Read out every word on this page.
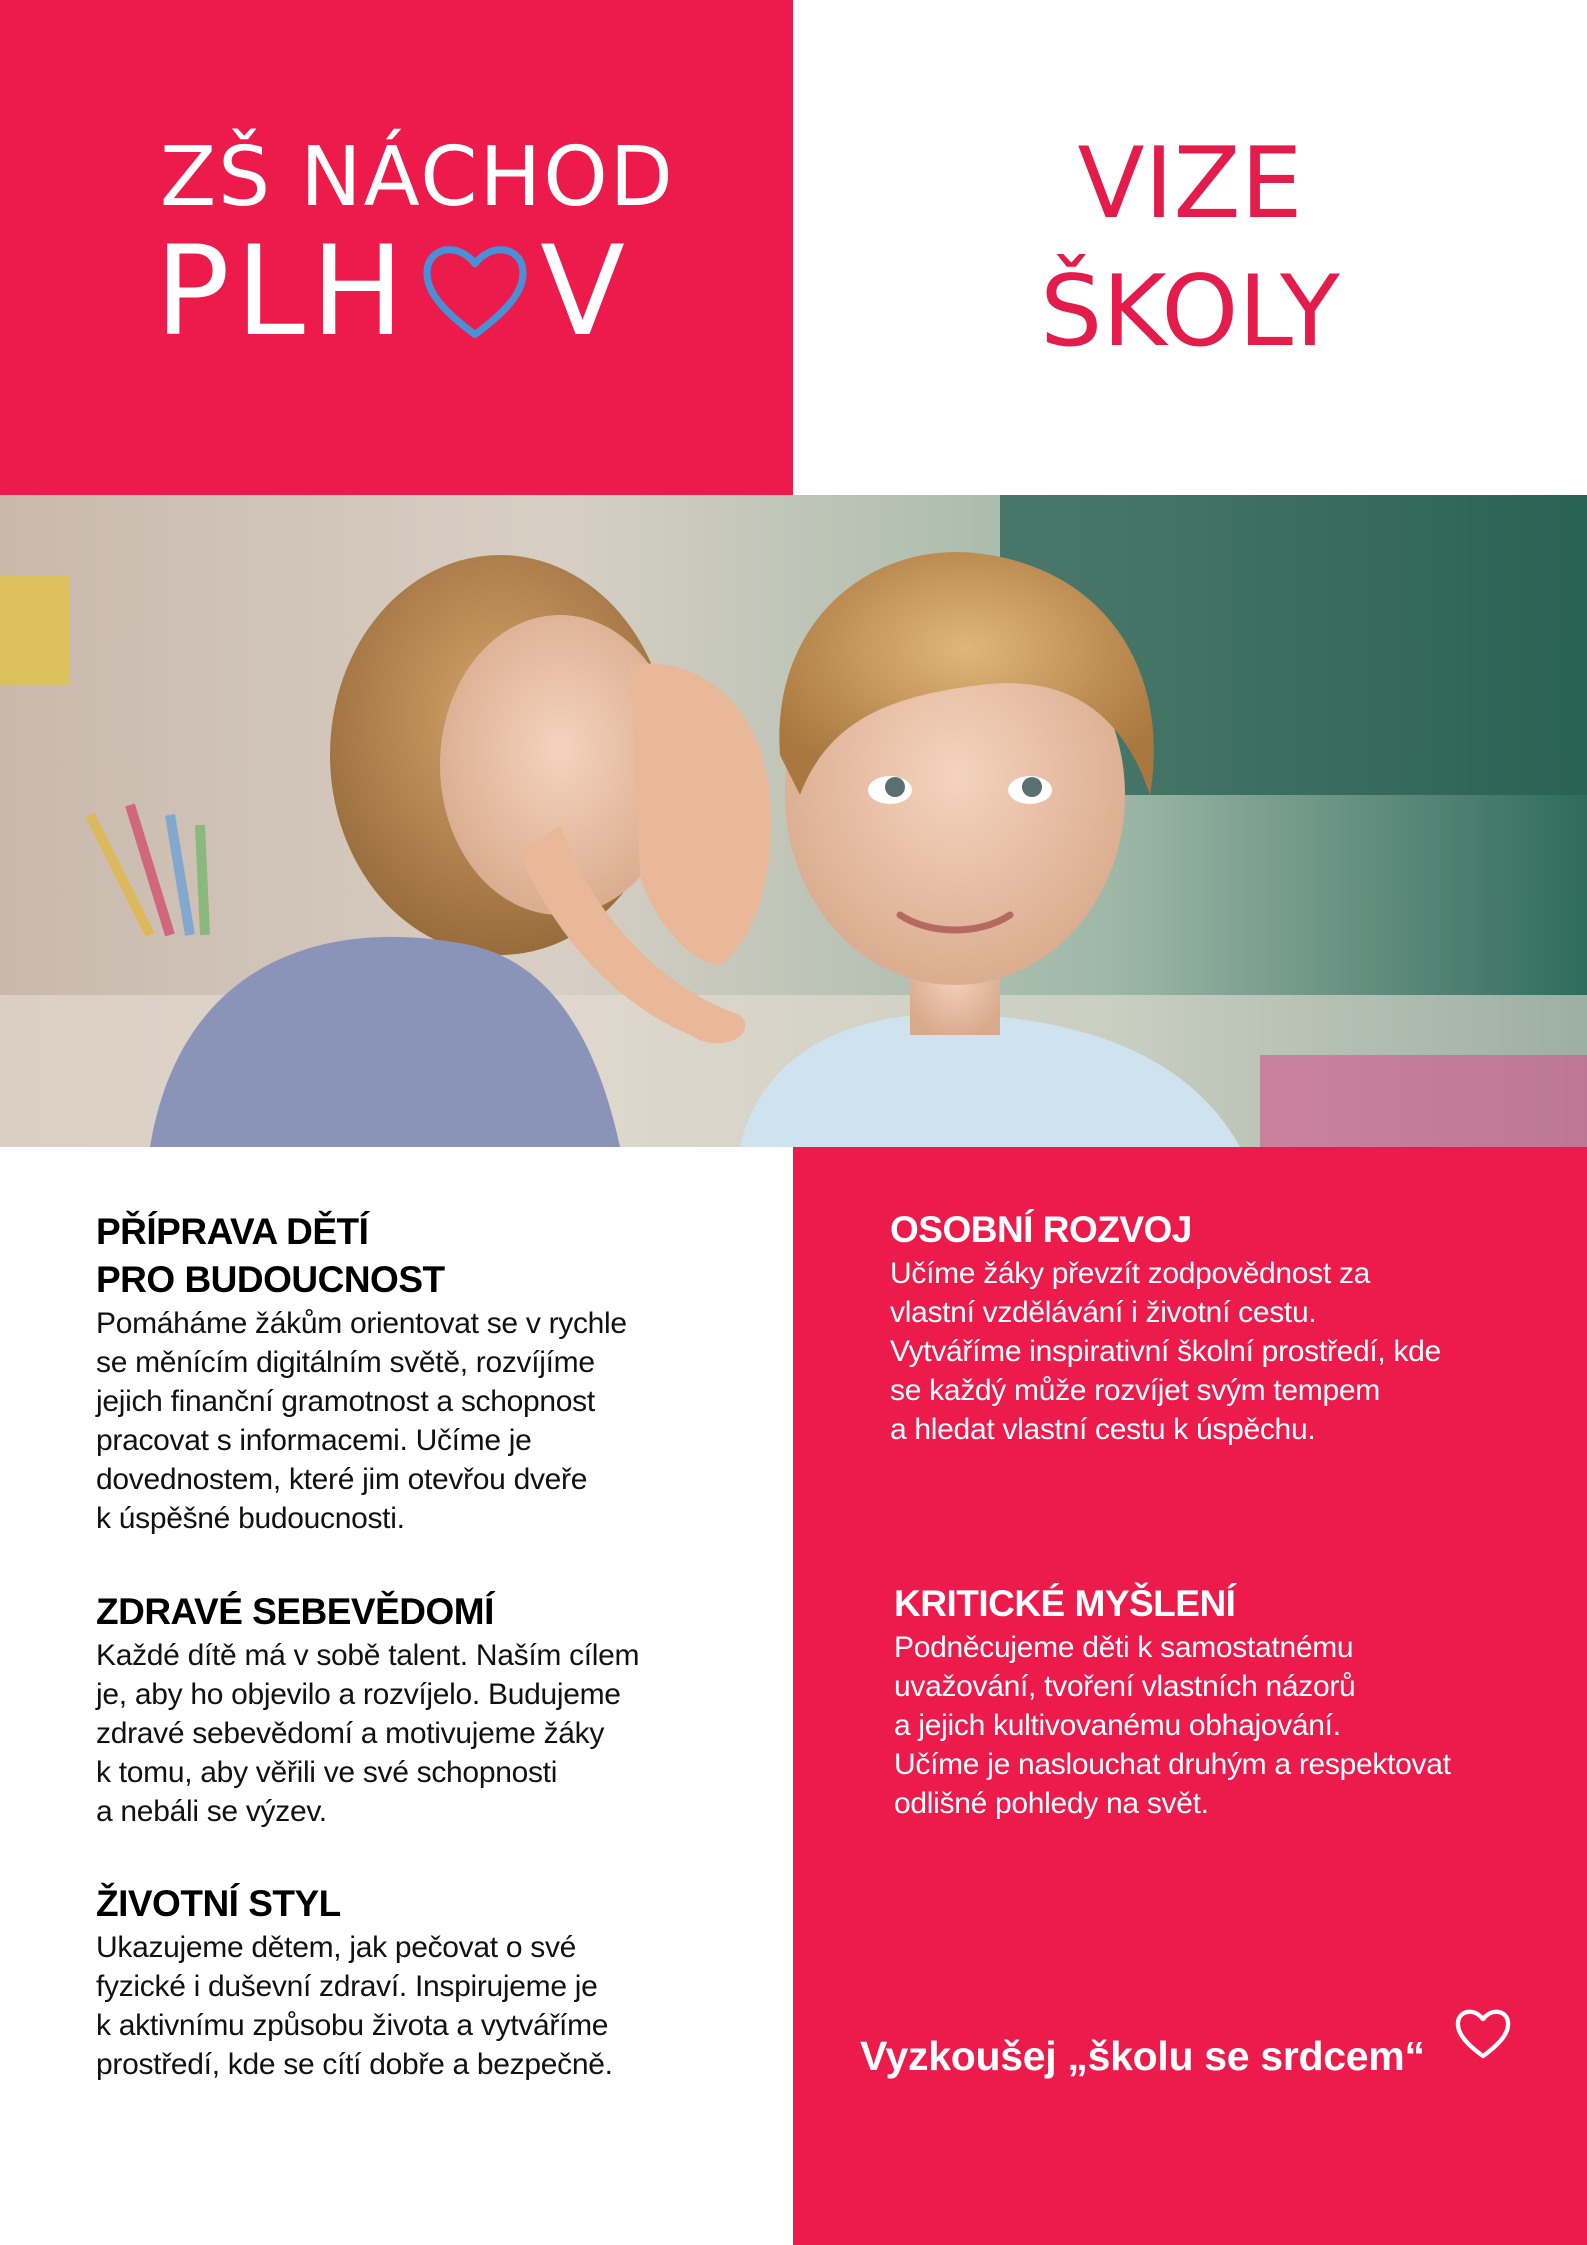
ZŠ NÁCHOD
PLH V
VIZE
ŠKOLY
PŘÍPRAVA DĚTÍ
PRO BUDOUCNOST
Pomáháme žákům orientovat se v rychle
se měnícím digitálním světě, rozvíjíme
jejich finanční gramotnost a schopnost
pracovat s informacemi. Učíme je
dovednostem, které jim otevřou dveře
k úspěšné budoucnosti.
ZDRAVÉ SEBEVĚDOMÍ
Každé dítě má v sobě talent. Naším cílem
je, aby ho objevilo a rozvíjelo. Budujeme
zdravé sebevědomí a motivujeme žáky
k tomu, aby věřili ve své schopnosti
a nebáli se výzev.
ŽIVOTNÍ STYL
Ukazujeme dětem, jak pečovat o své
fyzické i duševní zdraví. Inspirujeme je
k aktivnímu způsobu života a vytváříme
prostředí, kde se cítí dobře a bezpečně.
OSOBNÍ ROZVOJ
Učíme žáky převzít zodpovědnost za
vlastní vzdělávání i životní cestu.
Vytváříme inspirativní školní prostředí, kde
se každý může rozvíjet svým tempem
a hledat vlastní cestu k úspěchu.
KRITICKÉ MYŠLENÍ
Podněcujeme děti k samostatnému
uvažování, tvoření vlastních názorů
a jejich kultivovanému obhajování.
Učíme je naslouchat druhým a respektovat
odlišné pohledy na svět.
Vyzkoušej „školu se srdcem“
